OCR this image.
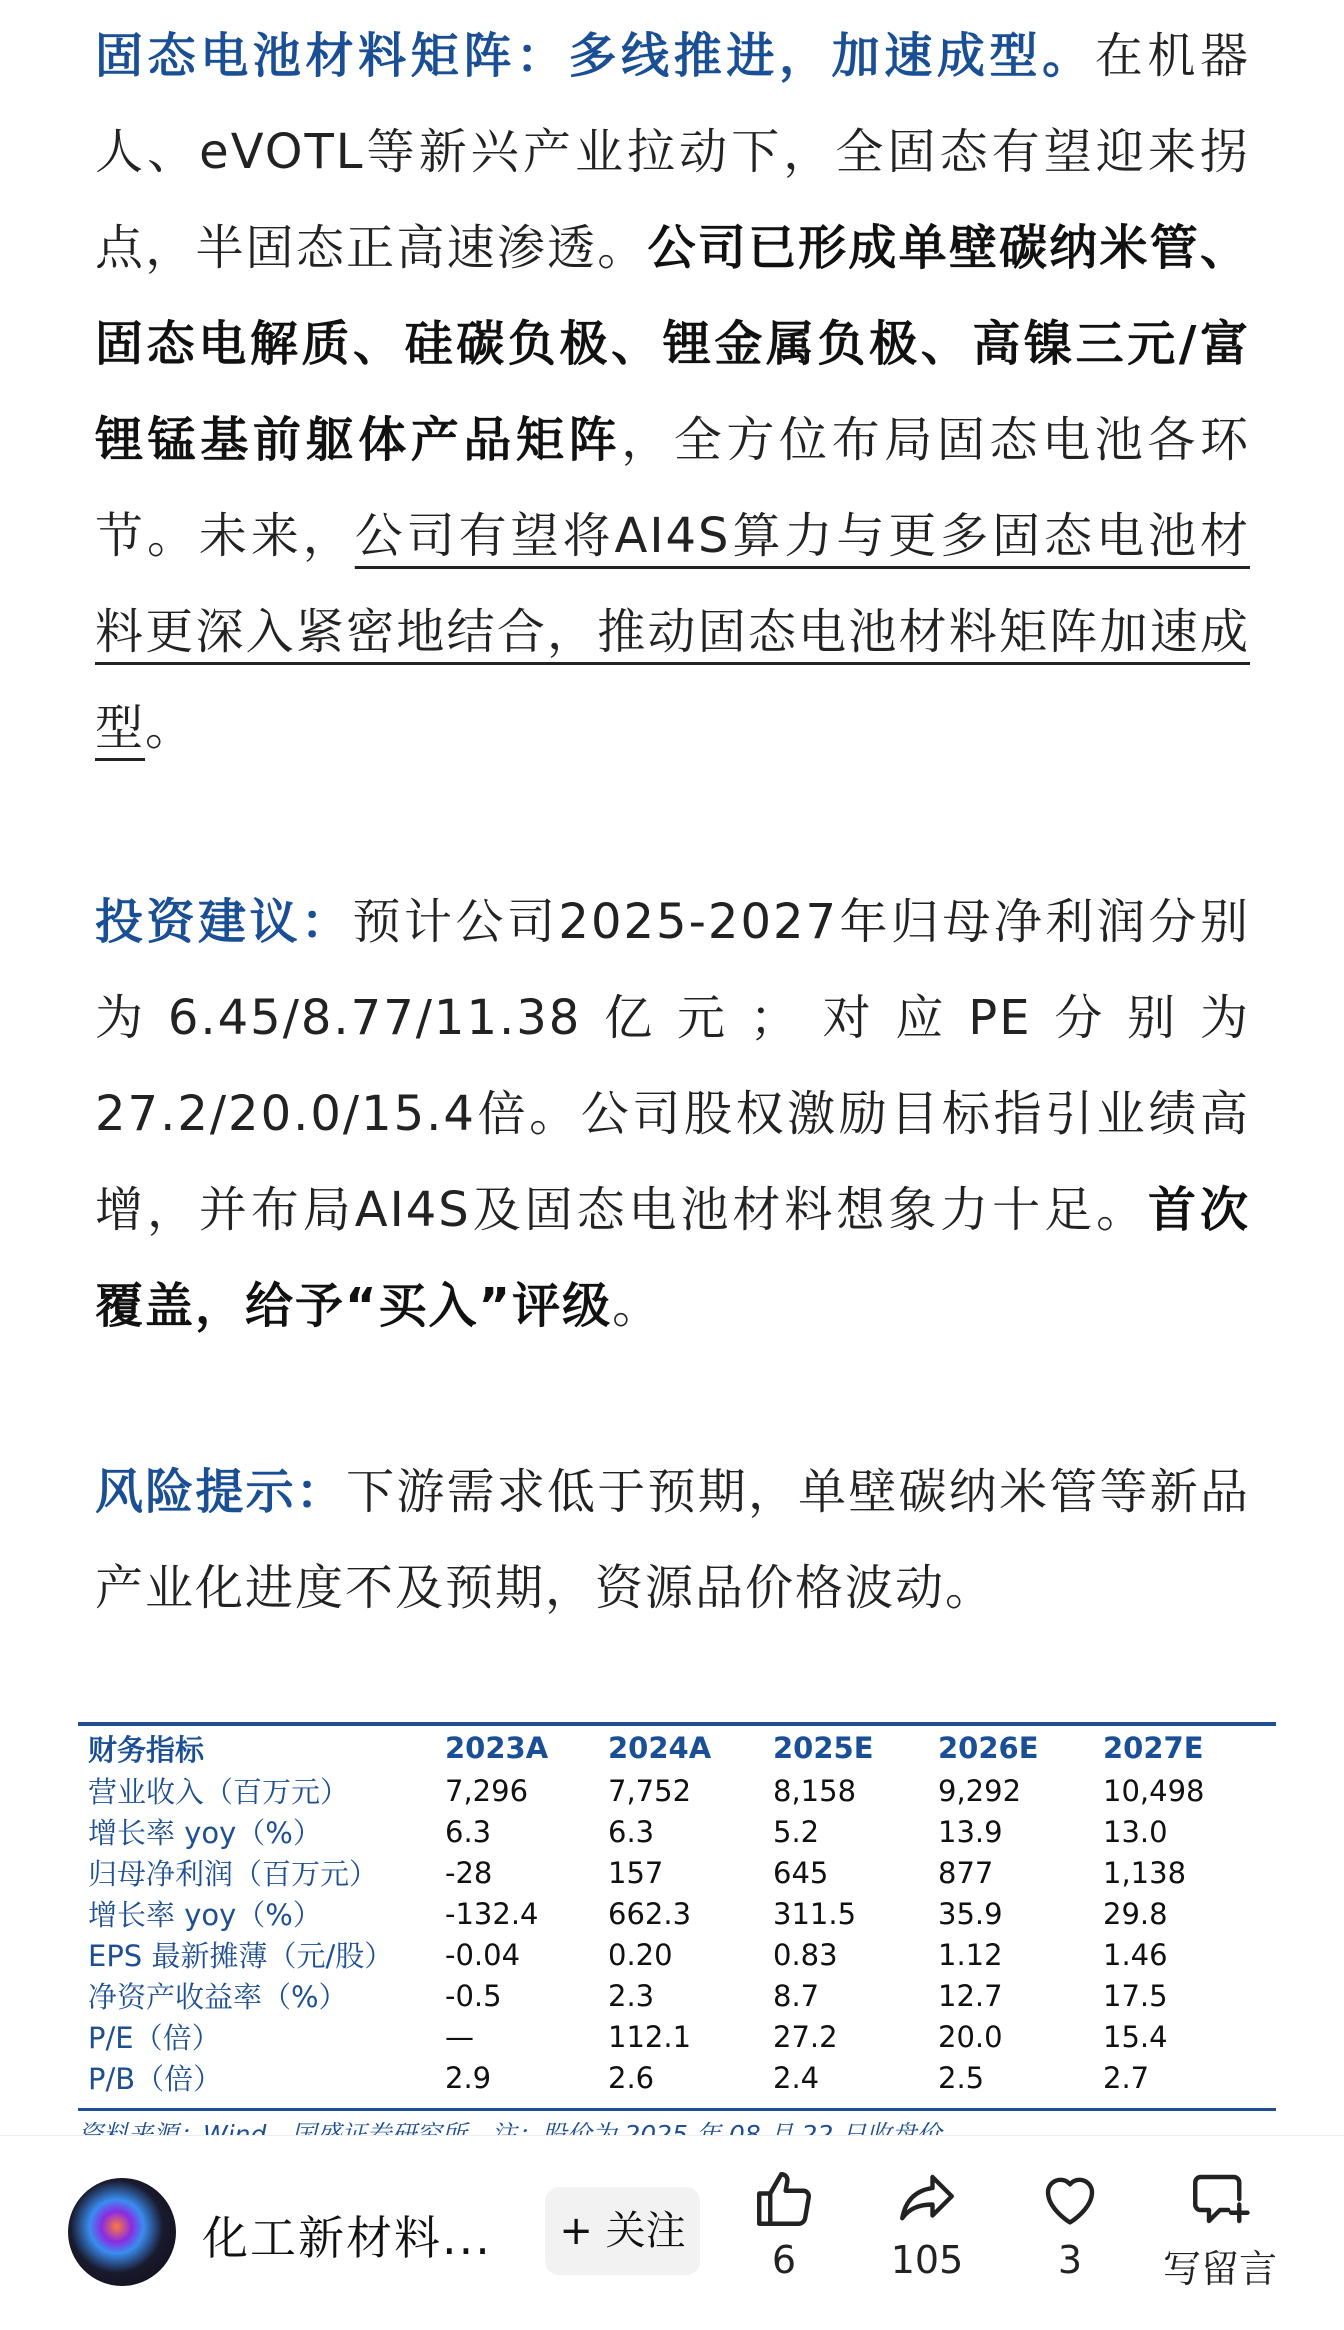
固态电池材料矩阵：多线推进，加速成型。在机器人、eVOTL等新兴产业拉动下，全固态有望迎来拐点，半固态正高速渗透。公司已形成单壁碳纳米管、固态电解质、硅碳负极、锂金属负极、高镍三元/富锂锰基前躯体产品矩阵，全方位布局固态电池各环节。未来，公司有望将AI4S算力与更多固态电池材料更深入紧密地结合，推动固态电池材料矩阵加速成型。
投资建议：预计公司2025-2027年归母净利润分别为6.45/8.77/11.38亿元；对应PE分别为27.2/20.0/15.4倍。公司股权激励目标指引业绩高增，并布局AI4S及固态电池材料想象力十足。首次覆盖，给予“买入”评级。
风险提示：下游需求低于预期，单壁碳纳米管等新品产业化进度不及预期，资源品价格波动。
财务指标	2023A	2024A	2025E	2026E	2027E
营业收入（百万元）	7,296	7,752	8,158	9,292	10,498
增长率 yoy（%）	6.3	6.3	5.2	13.9	13.0
归母净利润（百万元）	-28	157	645	877	1,138
增长率 yoy（%）	-132.4	662.3	311.5	35.9	29.8
EPS 最新摊薄（元/股）	-0.04	0.20	0.83	1.12	1.46
净资产收益率（%）	-0.5	2.3	8.7	12.7	17.5
P/E（倍）	—	112.1	27.2	20.0	15.4
P/B（倍）	2.9	2.6	2.4	2.5	2.7
化工新材料...	+ 关注
6	105	3	写留言
